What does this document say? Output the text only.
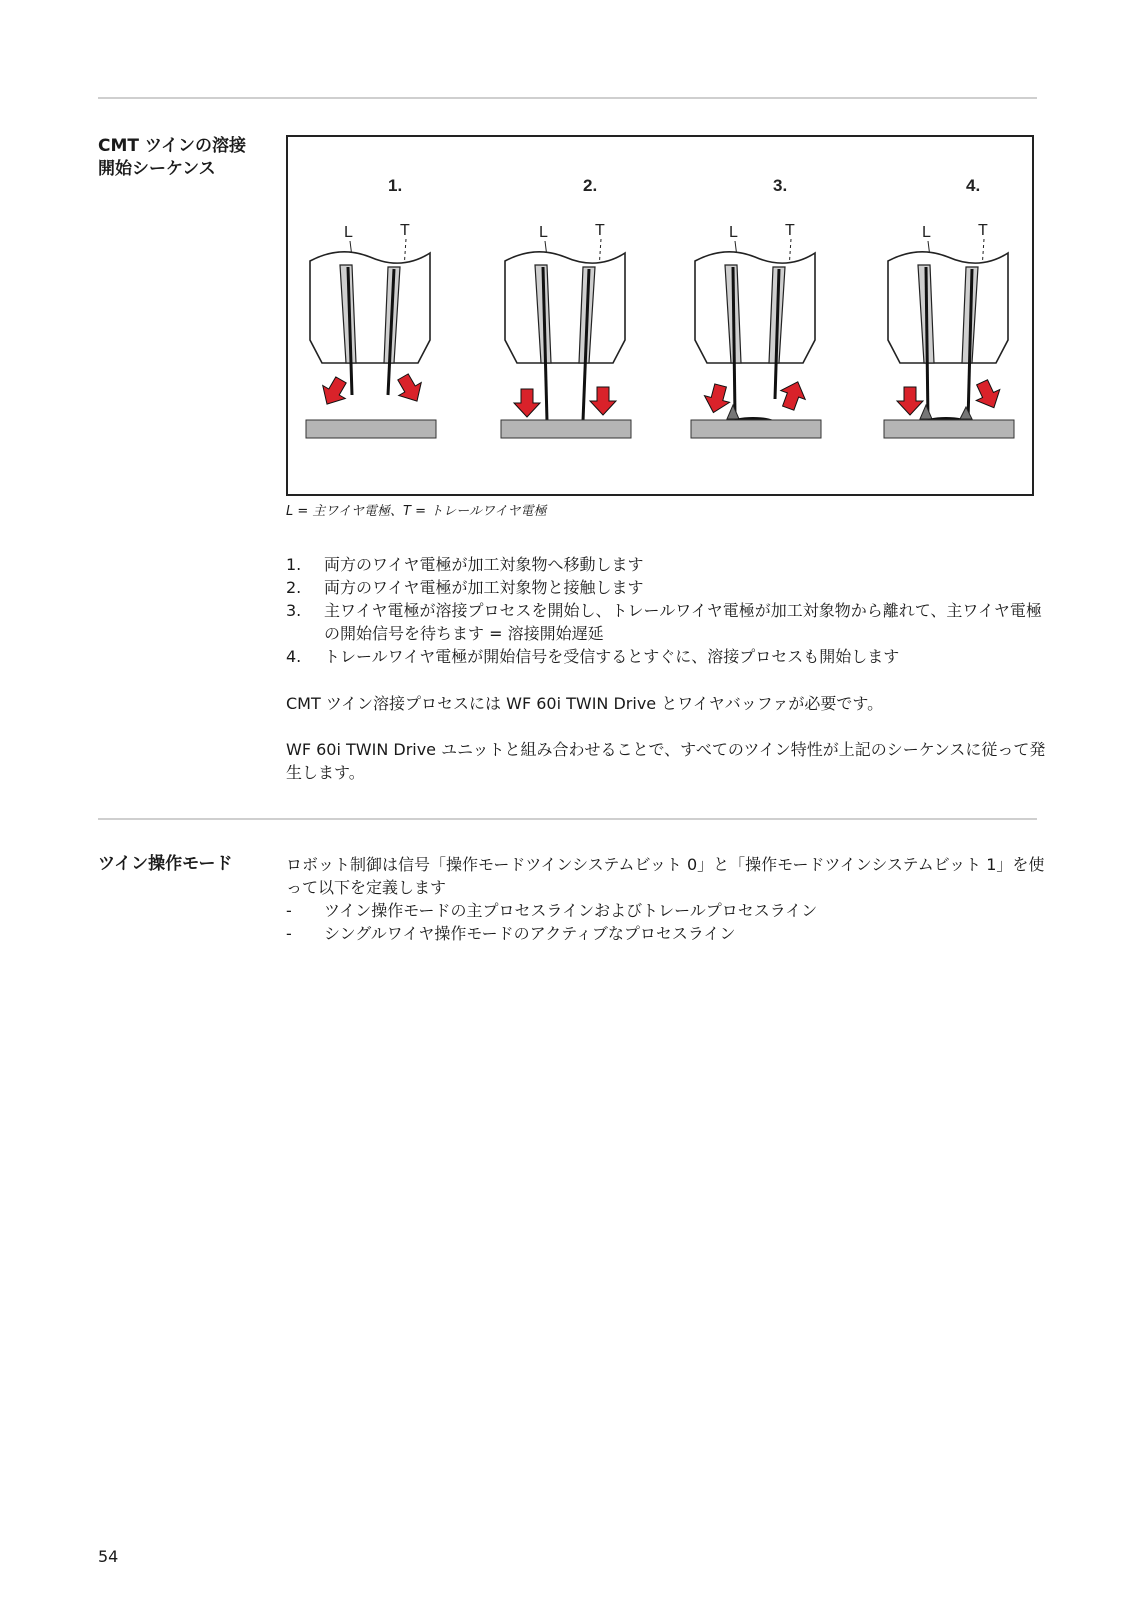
CMT ツインの溶接
開始シーケンス
1.
L	T
2.
L	T
3.
L	T
4.
L	T
L = 主ワイヤ電極、T = トレールワイヤ電極
1. 両方のワイヤ電極が加工対象物へ移動します
2. 両方のワイヤ電極が加工対象物と接触します
3. 主ワイヤ電極が溶接プロセスを開始し、トレールワイヤ電極が加工対象物から離れて、主ワイヤ電極の開始信号を待ちます = 溶接開始遅延
4. トレールワイヤ電極が開始信号を受信するとすぐに、溶接プロセスも開始します

CMT ツイン溶接プロセスには WF 60i TWIN Drive とワイヤバッファが必要です。

WF 60i TWIN Drive ユニットと組み合わせることで、すべてのツイン特性が上記のシーケンスに従って発生します。

ツイン操作モード	ロボット制御は信号「操作モードツインシステムビット 0」と「操作モードツインシステムビット 1」を使って以下を定義します

- ツイン操作モードの主プロセスラインおよびトレールプロセスライン
- シングルワイヤ操作モードのアクティブなプロセスライン
54
